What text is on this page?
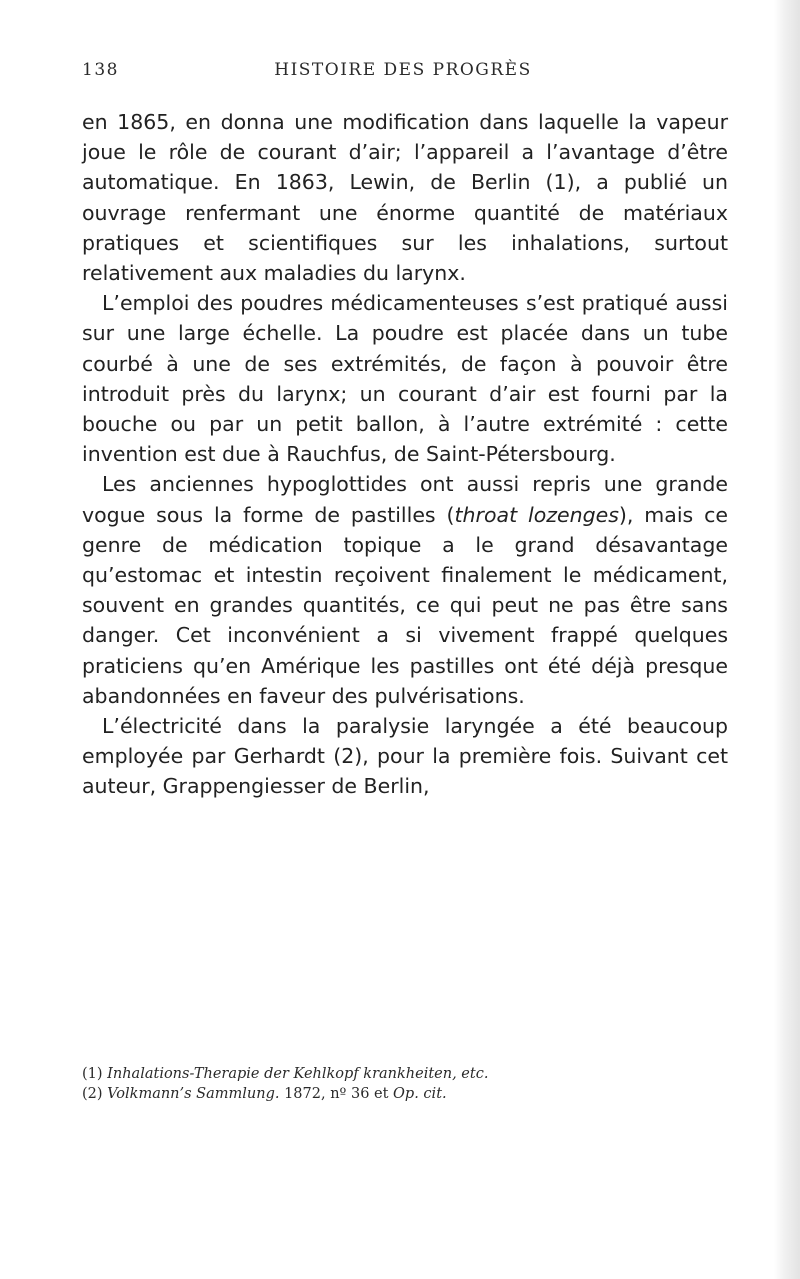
138	HISTOIRE DES PROGRÈS

en 1865, en donna une modification dans laquelle la vapeur joue le rôle de courant d’air; l’appareil a l’avantage d’être automatique. En 1863, Lewin, de Berlin (1), a publié un ouvrage renfermant une énorme quantité de matériaux pratiques et scientifiques sur les inhalations, surtout relativement aux maladies du larynx.

L’emploi des poudres médicamenteuses s’est pratiqué aussi sur une large échelle. La poudre est placée dans un tube courbé à une de ses extrémités, de façon à pouvoir être introduit près du larynx; un courant d’air est fourni par la bouche ou par un petit ballon, à l’autre extrémité : cette invention est due à Rauchfus, de Saint-Pétersbourg.

Les anciennes hypoglottides ont aussi repris une grande vogue sous la forme de pastilles (throat lozenges), mais ce genre de médication topique a le grand désavantage qu’estomac et intestin reçoivent finalement le médicament, souvent en grandes quantités, ce qui peut ne pas être sans danger. Cet inconvénient a si vivement frappé quelques praticiens qu’en Amérique les pastilles ont été déjà presque abandonnées en faveur des pulvérisations.

L’électricité dans la paralysie laryngée a été beaucoup employée par Gerhardt (2), pour la première fois. Suivant cet auteur, Grappengiesser de Berlin,

(1) Inhalations-Therapie der Kehlkopf krankheiten, etc.
(2) Volkmann’s Sammlung. 1872, nº 36 et Op. cit.
